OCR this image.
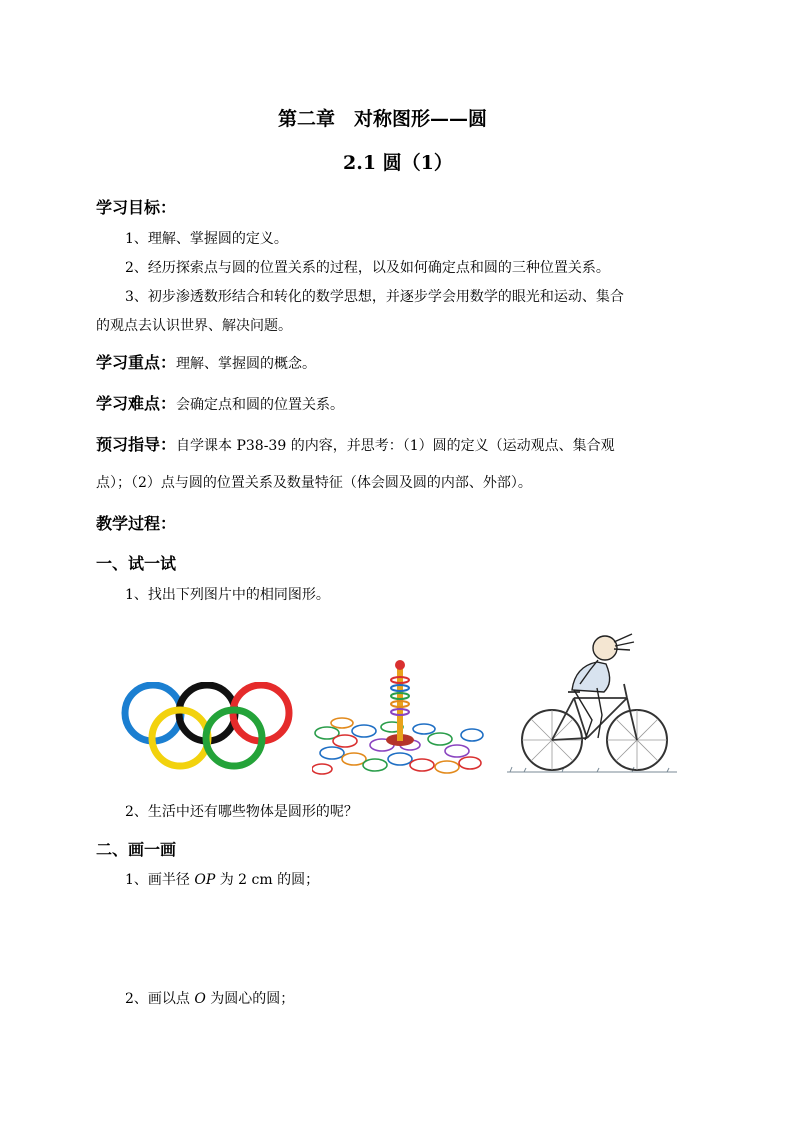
第二章　对称图形——圆
2.1 圆（1）
学习目标：
1、理解、掌握圆的定义。
2、经历探索点与圆的位置关系的过程，以及如何确定点和圆的三种位置关系。
3、初步渗透数形结合和转化的数学思想，并逐步学会用数学的眼光和运动、集合
的观点去认识世界、解决问题。
学习重点：理解、掌握圆的概念。
学习难点：会确定点和圆的位置关系。
预习指导：自学课本 P38-39 的内容，并思考：（1）圆的定义（运动观点、集合观
点）；（2）点与圆的位置关系及数量特征（体会圆及圆的内部、外部）。
教学过程：
一、试一试
1、找出下列图片中的相同图形。
2、生活中还有哪些物体是圆形的呢？
二、画一画
1、画半径 OP 为 2 cm 的圆；
2、画以点 O 为圆心的圆；
